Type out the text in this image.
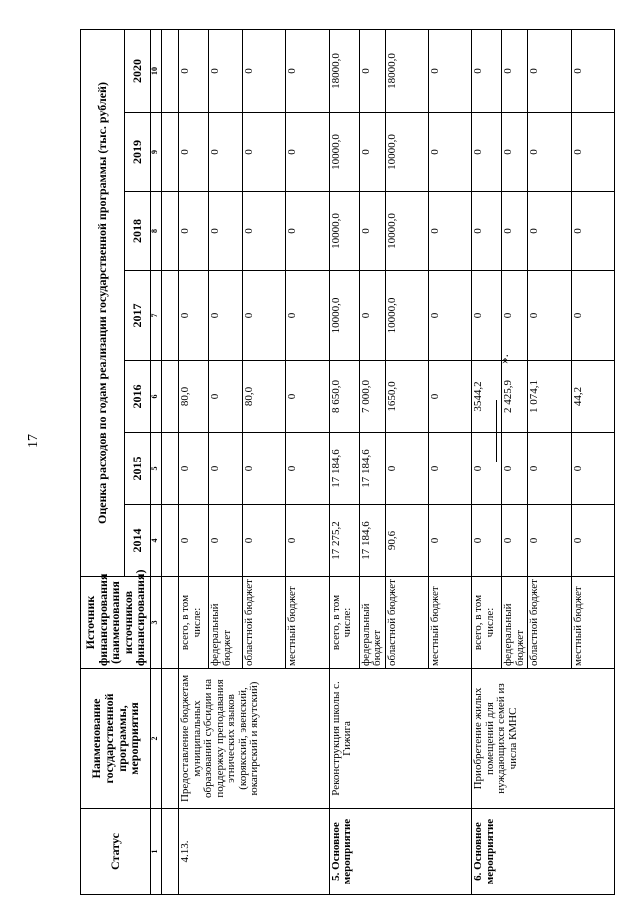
17
Статус	Наименование государственной программы, мероприятия	Источник финансирования (наименования источников финансирования)	Оценка расходов по годам реализации государственной программы (тыс. рублей)						
			2014	2015	2016	2017	2018	2019	2020
1	2	3	4	5	6	7	8	9	10

4.13.	Предоставление бюджетам муниципальных образований субсидии на поддержку преподавания этнических языков (корякский, эвенский, юкагирский и якутский)	всего, в том числе:	0	0	80,0	0	0	0	0
		федеральный бюджет	0	0	0	0	0	0	0
		областной бюджет	0	0	80,0	0	0	0	0
		местный бюджет	0	0	0	0	0	0	0
5. Основное мероприятие	Реконструкция школы с. Гижига	всего, в том числе:	17 275,2	17 184,6	8 650,0	10000,0	10000,0	10000,0	18000,0
		федеральный бюджет	17 184,6	17 184,6	7 000,0	0	0	0	0
		областной бюджет	90,6	0	1650,0	10000,0	10000,0	10000,0	18000,0
		местный бюджет	0	0	0	0	0	0	0
6. Основное мероприятие	Приобретение жилых помещений для нуждающихся семей из числа КМНС	всего, в том числе:	0	0	3544,2	0	0	0	0
		федеральный бюджет	0	0	2 425,9	0	0	0	0
		областной бюджет	0	0	1 074,1	0	0	0	0
		местный бюджет	0	0	44,2	0	0	0	0
».
